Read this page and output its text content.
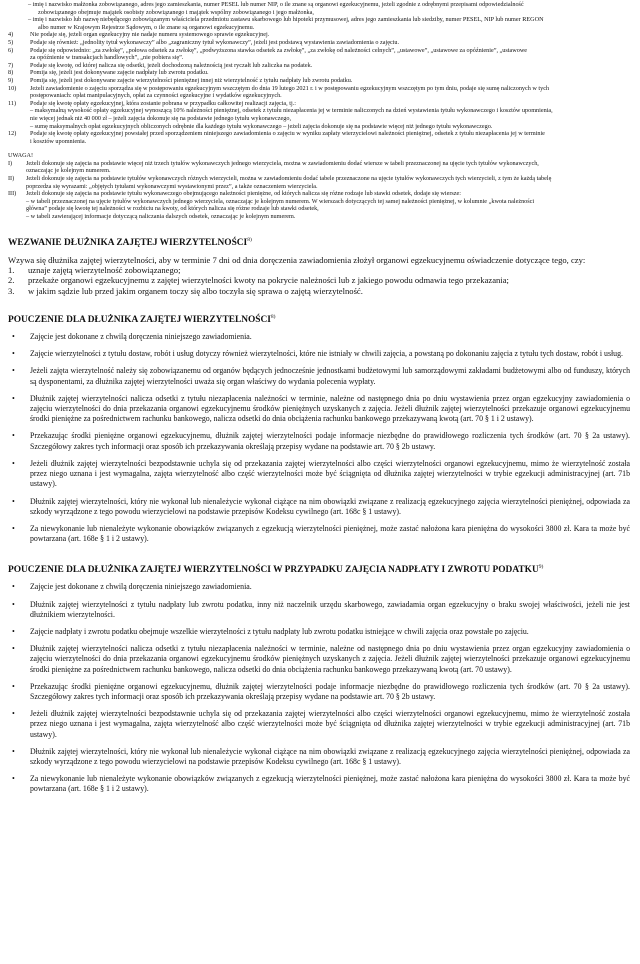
– imię i nazwisko małżonka zobowiązanego, adres jego zamieszkania, numer PESEL lub numer NIP, o ile znane są organowi egzekucyjnemu, jeżeli zgodnie z odrębnymi przepisami odpowiedzialność
zobowiązanego obejmuje majątek osobisty zobowiązanego i majątek wspólny zobowiązanego i jego małżonka,
– imię i nazwisko lub nazwę niebędącego zobowiązanym właściciela przedmiotu zastawu skarbowego lub hipoteki przymusowej, adres jego zamieszkania lub siedziby, numer PESEL, NIP lub numer REGON
albo numer w Krajowym Rejestrze Sądowym, o ile znane są organowi egzekucyjnemu.
4)	Nie podaje się, jeżeli organ egzekucyjny nie nadaje numeru systemowego sprawie egzekucyjnej.
5)	Podaje się również: „jednolity tytuł wykonawczy” albo „zagraniczny tytuł wykonawczy”, jeżeli jest podstawą wystawienia zawiadomienia o zajęciu.
6)	Podaje się odpowiednio: „za zwłokę”, „połowa odsetek za zwłokę”, „podwyższona stawka odsetek za zwłokę”, „za zwłokę od należności celnych”, „ustawowe”, „ustawowe za opóźnienie”, „ustawowe
za opóźnienie w transakcjach handlowych”, „nie pobiera się”.
7)	Podaje się kwotę, od której nalicza się odsetki, jeżeli dochodzoną należnością jest ryczałt lub zaliczka na podatek.
8)	Pomija się, jeżeli jest dokonywane zajęcie nadpłaty lub zwrotu podatku.
9)	Pomija się, jeżeli jest dokonywane zajęcie wierzytelności pieniężnej innej niż wierzytelność z tytułu nadpłaty lub zwrotu podatku.
10)	Jeżeli zawiadomienie o zajęciu sporządza się w postępowaniu egzekucyjnym wszczętym do dnia 19 lutego 2021 r. i w postępowaniu egzekucyjnym wszczętym po tym dniu, podaje się sumę naliczonych w tych
postępowaniach: opłat manipulacyjnych, opłat za czynności egzekucyjne i wydatków egzekucyjnych.
11)	Podaje się kwotę opłaty egzekucyjnej, która zostanie pobrana w przypadku całkowitej realizacji zajęcia, tj.:
– maksymalną wysokość opłaty egzekucyjnej wynoszącą 10% należności pieniężnej, odsetek z tytułu niezapłacenia jej w terminie naliczonych na dzień wystawienia tytułu wykonawczego i kosztów upomnienia,
nie więcej jednak niż 40 000 zł – jeżeli zajęcia dokonuje się na podstawie jednego tytułu wykonawczego,
– sumę maksymalnych opłat egzekucyjnych obliczonych odrębnie dla każdego tytułu wykonawczego – jeżeli zajęcia dokonuje się na podstawie więcej niż jednego tytułu wykonawczego.
12)	Podaje się kwotę opłaty egzekucyjnej powstałej przed sporządzeniem niniejszego zawiadomienia o zajęciu w wyniku zapłaty wierzycielowi należności pieniężnej, odsetek z tytułu niezapłacenia jej w terminie
i kosztów upomnienia.
UWAGA!
I)	Jeżeli dokonuje się zajęcia na podstawie więcej niż trzech tytułów wykonawczych jednego wierzyciela, można w zawiadomieniu dodać wiersze w tabeli przeznaczonej na ujęcie tych tytułów wykonawczych,
oznaczając je kolejnym numerem.
II)	Jeżeli dokonuje się zajęcia na podstawie tytułów wykonawczych różnych wierzycieli, można w zawiadomieniu dodać tabele przeznaczone na ujęcie tytułów wykonawczych tych wierzycieli, z tym że każdą tabelę
poprzedza się wyrazami: „objętych tytułami wykonawczymi wystawionymi przez”, a także oznaczeniem wierzyciela.
III)	Jeżeli dokonuje się zajęcia na podstawie tytułu wykonawczego obejmującego należności pieniężne, od których nalicza się różne rodzaje lub stawki odsetek, dodaje się wiersze:
– w tabeli przeznaczonej na ujęcie tytułów wykonawczych jednego wierzyciela, oznaczając je kolejnym numerem. W wierszach dotyczących tej samej należności pieniężnej, w kolumnie „kwota należności
główna” podaje się kwotę tej należności w rozbiciu na kwoty, od których nalicza się różne rodzaje lub stawki odsetek,
– w tabeli zawierającej informacje dotyczącą naliczania dalszych odsetek, oznaczając je kolejnym numerem.
WEZWANIE DŁUŻNIKA ZAJĘTEJ WIERZYTELNOŚCI$^{8)}$
Wzywa się dłużnika zajętej wierzytelności, aby w terminie 7 dni od dnia doręczenia zawiadomienia złożył organowi egzekucyjnemu oświadczenie dotyczące tego, czy:
1.	uznaje zajętą wierzytelność zobowiązanego;
2.	przekaże organowi egzekucyjnemu z zajętej wierzytelności kwoty na pokrycie należności lub z jakiego powodu odmawia tego przekazania;
3.	w jakim sądzie lub przed jakim organem toczy się albo toczyła się sprawa o zajętą wierzytelność.
POUCZENIE DLA DŁUŻNIKA ZAJĘTEJ WIERZYTELNOŚCI$^{8)}$
•	Zajęcie jest dokonane z chwilą doręczenia niniejszego zawiadomienia.
•	Zajęcie wierzytelności z tytułu dostaw, robót i usług dotyczy również wierzytelności, które nie istniały w chwili zajęcia, a powstaną po dokonaniu zajęcia z tytułu tych dostaw, robót i usług.
•	Jeżeli zajęta wierzytelność należy się zobowiązanemu od organów będących jednocześnie jednostkami budżetowymi lub samorządowymi zakładami budżetowymi albo od funduszy, których są dysponentami, za dłużnika zajętej wierzytelności uważa się organ właściwy do wydania polecenia wypłaty.
•	Dłużnik zajętej wierzytelności nalicza odsetki z tytułu niezapłacenia należności w terminie, należne od następnego dnia po dniu wystawienia przez organ egzekucyjny zawiadomienia o zajęciu wierzytelności do dnia przekazania organowi egzekucyjnemu środków pieniężnych uzyskanych z zajęcia. Jeżeli dłużnik zajętej wierzytelności przekazuje organowi egzekucyjnemu środki pieniężne za pośrednictwem rachunku bankowego, nalicza odsetki do dnia obciążenia rachunku bankowego przekazywaną kwotą (art. 70 § 1 i 2 ustawy).
•	Przekazując środki pieniężne organowi egzekucyjnemu, dłużnik zajętej wierzytelności podaje informacje niezbędne do prawidłowego rozliczenia tych środków (art. 70 § 2a ustawy). Szczegółowy zakres tych informacji oraz sposób ich przekazywania określają przepisy wydane na podstawie art. 70 § 2b ustawy.
•	Jeżeli dłużnik zajętej wierzytelności bezpodstawnie uchyla się od przekazania zajętej wierzytelności albo części wierzytelności organowi egzekucyjnemu, mimo że wierzytelność została przez niego uznana i jest wymagalna, zajęta wierzytelność albo część wierzytelności może być ściągnięta od dłużnika zajętej wierzytelności w trybie egzekucji administracyjnej (art. 71b ustawy).
•	Dłużnik zajętej wierzytelności, który nie wykonał lub nienależycie wykonał ciążące na nim obowiązki związane z realizacją egzekucyjnego zajęcia wierzytelności pieniężnej, odpowiada za szkody wyrządzone z tego powodu wierzycielowi na podstawie przepisów Kodeksu cywilnego (art. 168c § 1 ustawy).
•	Za niewykonanie lub nienależyte wykonanie obowiązków związanych z egzekucją wierzytelności pieniężnej, może zastać nałożona kara pieniężna do wysokości 3800 zł. Kara ta może być powtarzana (art. 168e § 1 i 2 ustawy).
POUCZENIE DLA DŁUŻNIKA ZAJĘTEJ WIERZYTELNOŚCI W PRZYPADKU ZAJĘCIA NADPŁATY I ZWROTU PODATKU$^{9)}$
•	Zajęcie jest dokonane z chwilą doręczenia niniejszego zawiadomienia.
•	Dłużnik zajętej wierzytelności z tytułu nadpłaty lub zwrotu podatku, inny niż naczelnik urzędu skarbowego, zawiadamia organ egzekucyjny o braku swojej właściwości, jeżeli nie jest dłużnikiem wierzytelności.
•	Zajęcie nadpłaty i zwrotu podatku obejmuje wszelkie wierzytelności z tytułu nadpłaty lub zwrotu podatku istniejące w chwili zajęcia oraz powstałe po zajęciu.
•	Dłużnik zajętej wierzytelności nalicza odsetki z tytułu niezapłacenia należności w terminie, należne od następnego dnia po dniu wystawienia przez organ egzekucyjny zawiadomienia o zajęciu wierzytelności do dnia przekazania organowi egzekucyjnemu środków pieniężnych uzyskanych z zajęcia. Jeżeli dłużnik zajętej wierzytelności przekazuje organowi egzekucyjnemu środki pieniężne za pośrednictwem rachunku bankowego, nalicza odsetki do dnia obciążenia rachunku bankowego przekazywaną kwotą (art. 70 ustawy).
•	Przekazując środki pieniężne organowi egzekucyjnemu, dłużnik zajętej wierzytelności podaje informacje niezbędne do prawidłowego rozliczenia tych środków (art. 70 § 2a ustawy). Szczegółowy zakres tych informacji oraz sposób ich przekazywania określają przepisy wydane na podstawie art. 70 § 2b ustawy.
•	Jeżeli dłużnik zajętej wierzytelności bezpodstawnie uchyla się od przekazania zajętej wierzytelności albo części wierzytelności organowi egzekucyjnemu, mimo że wierzytelność została przez niego uznana i jest wymagalna, zajęta wierzytelność albo część wierzytelności może być ściągnięta od dłużnika zajętej wierzytelności w trybie egzekucji administracyjnej (art. 71b ustawy).
•	Dłużnik zajętej wierzytelności, który nie wykonał lub nienależycie wykonał ciążące na nim obowiązki związane z realizacją egzekucyjnego zajęcia wierzytelności pieniężnej, odpowiada za szkody wyrządzone z tego powodu wierzycielowi na podstawie przepisów Kodeksu cywilnego (art. 168c § 1 ustawy).
•	Za niewykonanie lub nienależyte wykonanie obowiązków związanych z egzekucją wierzytelności pieniężnej, może zastać nałożona kara pieniężna do wysokości 3800 zł. Kara ta może być powtarzana (art. 168e § 1 i 2 ustawy).
